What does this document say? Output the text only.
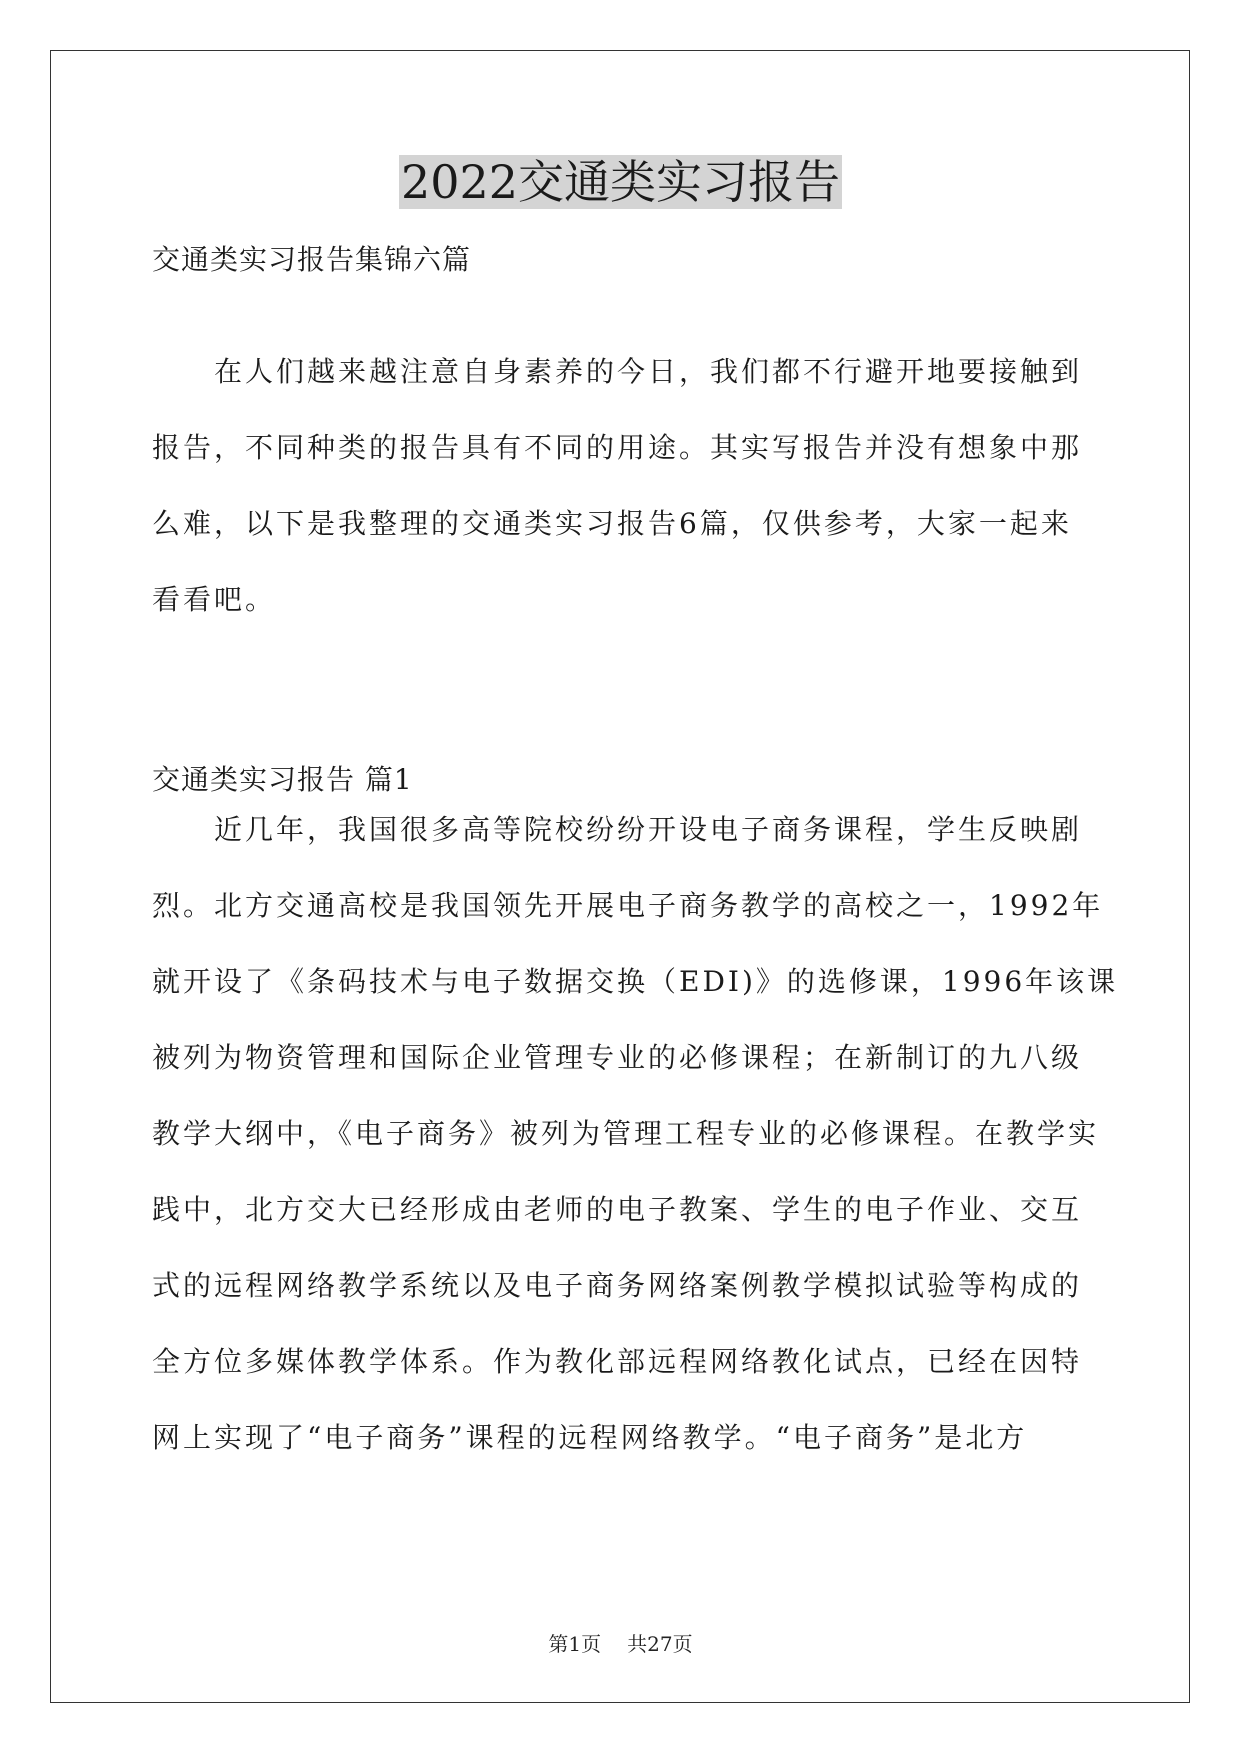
2022交通类实习报告

交通类实习报告集锦六篇

在人们越来越注意自身素养的今日，我们都不行避开地要接触到
报告，不同种类的报告具有不同的用途。其实写报告并没有想象中那
么难，以下是我整理的交通类实习报告6篇，仅供参考，大家一起来
看看吧。

交通类实习报告 篇1

近几年，我国很多高等院校纷纷开设电子商务课程，学生反映剧
烈。北方交通高校是我国领先开展电子商务教学的高校之一，1992年
就开设了《条码技术与电子数据交换（EDI)》的选修课，1996年该课
被列为物资管理和国际企业管理专业的必修课程；在新制订的九八级
教学大纲中，《电子商务》被列为管理工程专业的必修课程。在教学实
践中，北方交大已经形成由老师的电子教案、学生的电子作业、交互
式的远程网络教学系统以及电子商务网络案例教学模拟试验等构成的
全方位多媒体教学体系。作为教化部远程网络教化试点，已经在因特
网上实现了“电子商务”课程的远程网络教学。“电子商务”是北方
第1页 共27页
